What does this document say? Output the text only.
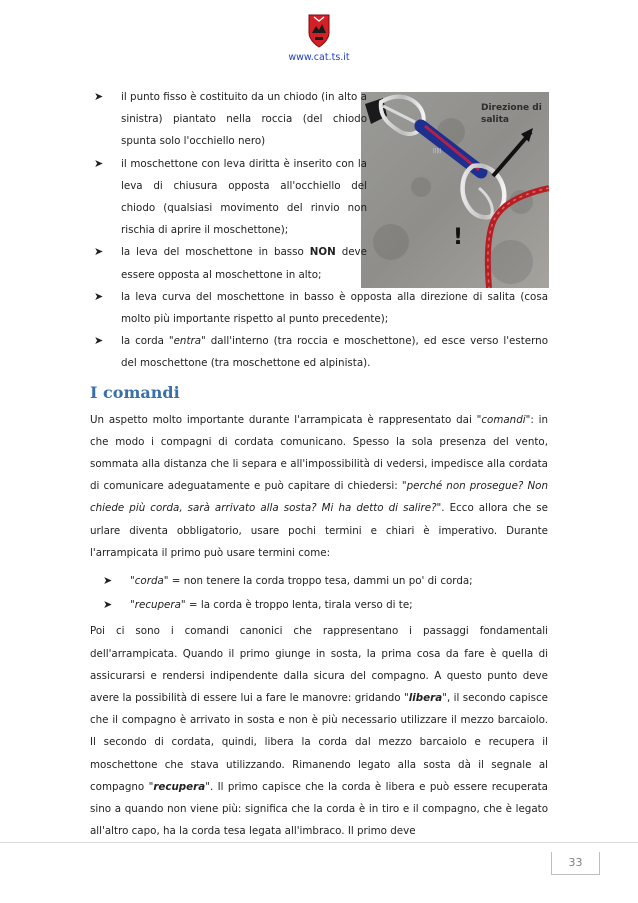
www.cat.ts.it
|||||
Direzione di
salita
!
➤ il punto fisso è costituito da un chiodo (in alto a sinistra) piantato nella roccia (del chiodo spunta solo l'occhiello nero)
➤ il moschettone con leva diritta è inserito con la leva di chiusura opposta all'occhiello del chiodo (qualsiasi movimento del rinvio non rischia di aprire il moschettone);
➤ la leva del moschettone in basso NON deve essere opposta al moschettone in alto;
➤ la leva curva del moschettone in basso è opposta alla direzione di salita (cosa molto più importante rispetto al punto precedente);
➤ la corda "entra" dall'interno (tra roccia e moschettone), ed esce verso l'esterno del moschettone (tra moschettone ed alpinista).
I comandi

Un aspetto molto importante durante l'arrampicata è rappresentato dai "comandi": in che modo i compagni di cordata comunicano. Spesso la sola presenza del vento, sommata alla distanza che li separa e all'impossibilità di vedersi, impedisce alla cordata di comunicare adeguatamente e può capitare di chiedersi: "perché non prosegue? Non chiede più corda, sarà arrivato alla sosta? Mi ha detto di salire?". Ecco allora che se urlare diventa obbligatorio, usare pochi termini e chiari è imperativo. Durante l'arrampicata il primo può usare termini come:

➤ "corda" = non tenere la corda troppo tesa, dammi un po' di corda;
➤ "recupera" = la corda è troppo lenta, tirala verso di te;

Poi ci sono i comandi canonici che rappresentano i passaggi fondamentali dell'arrampicata. Quando il primo giunge in sosta, la prima cosa da fare è quella di assicurarsi e rendersi indipendente dalla sicura del compagno. A questo punto deve avere la possibilità di essere lui a fare le manovre: gridando "libera", il secondo capisce che il compagno è arrivato in sosta e non è più necessario utilizzare il mezzo barcaiolo. Il secondo di cordata, quindi, libera la corda dal mezzo barcaiolo e recupera il moschettone che stava utilizzando. Rimanendo legato alla sosta dà il segnale al compagno "recupera". Il primo capisce che la corda è libera e può essere recuperata sino a quando non viene più: significa che la corda è in tiro e il compagno, che è legato all'altro capo, ha la corda tesa legata all'imbraco. Il primo deve

33
